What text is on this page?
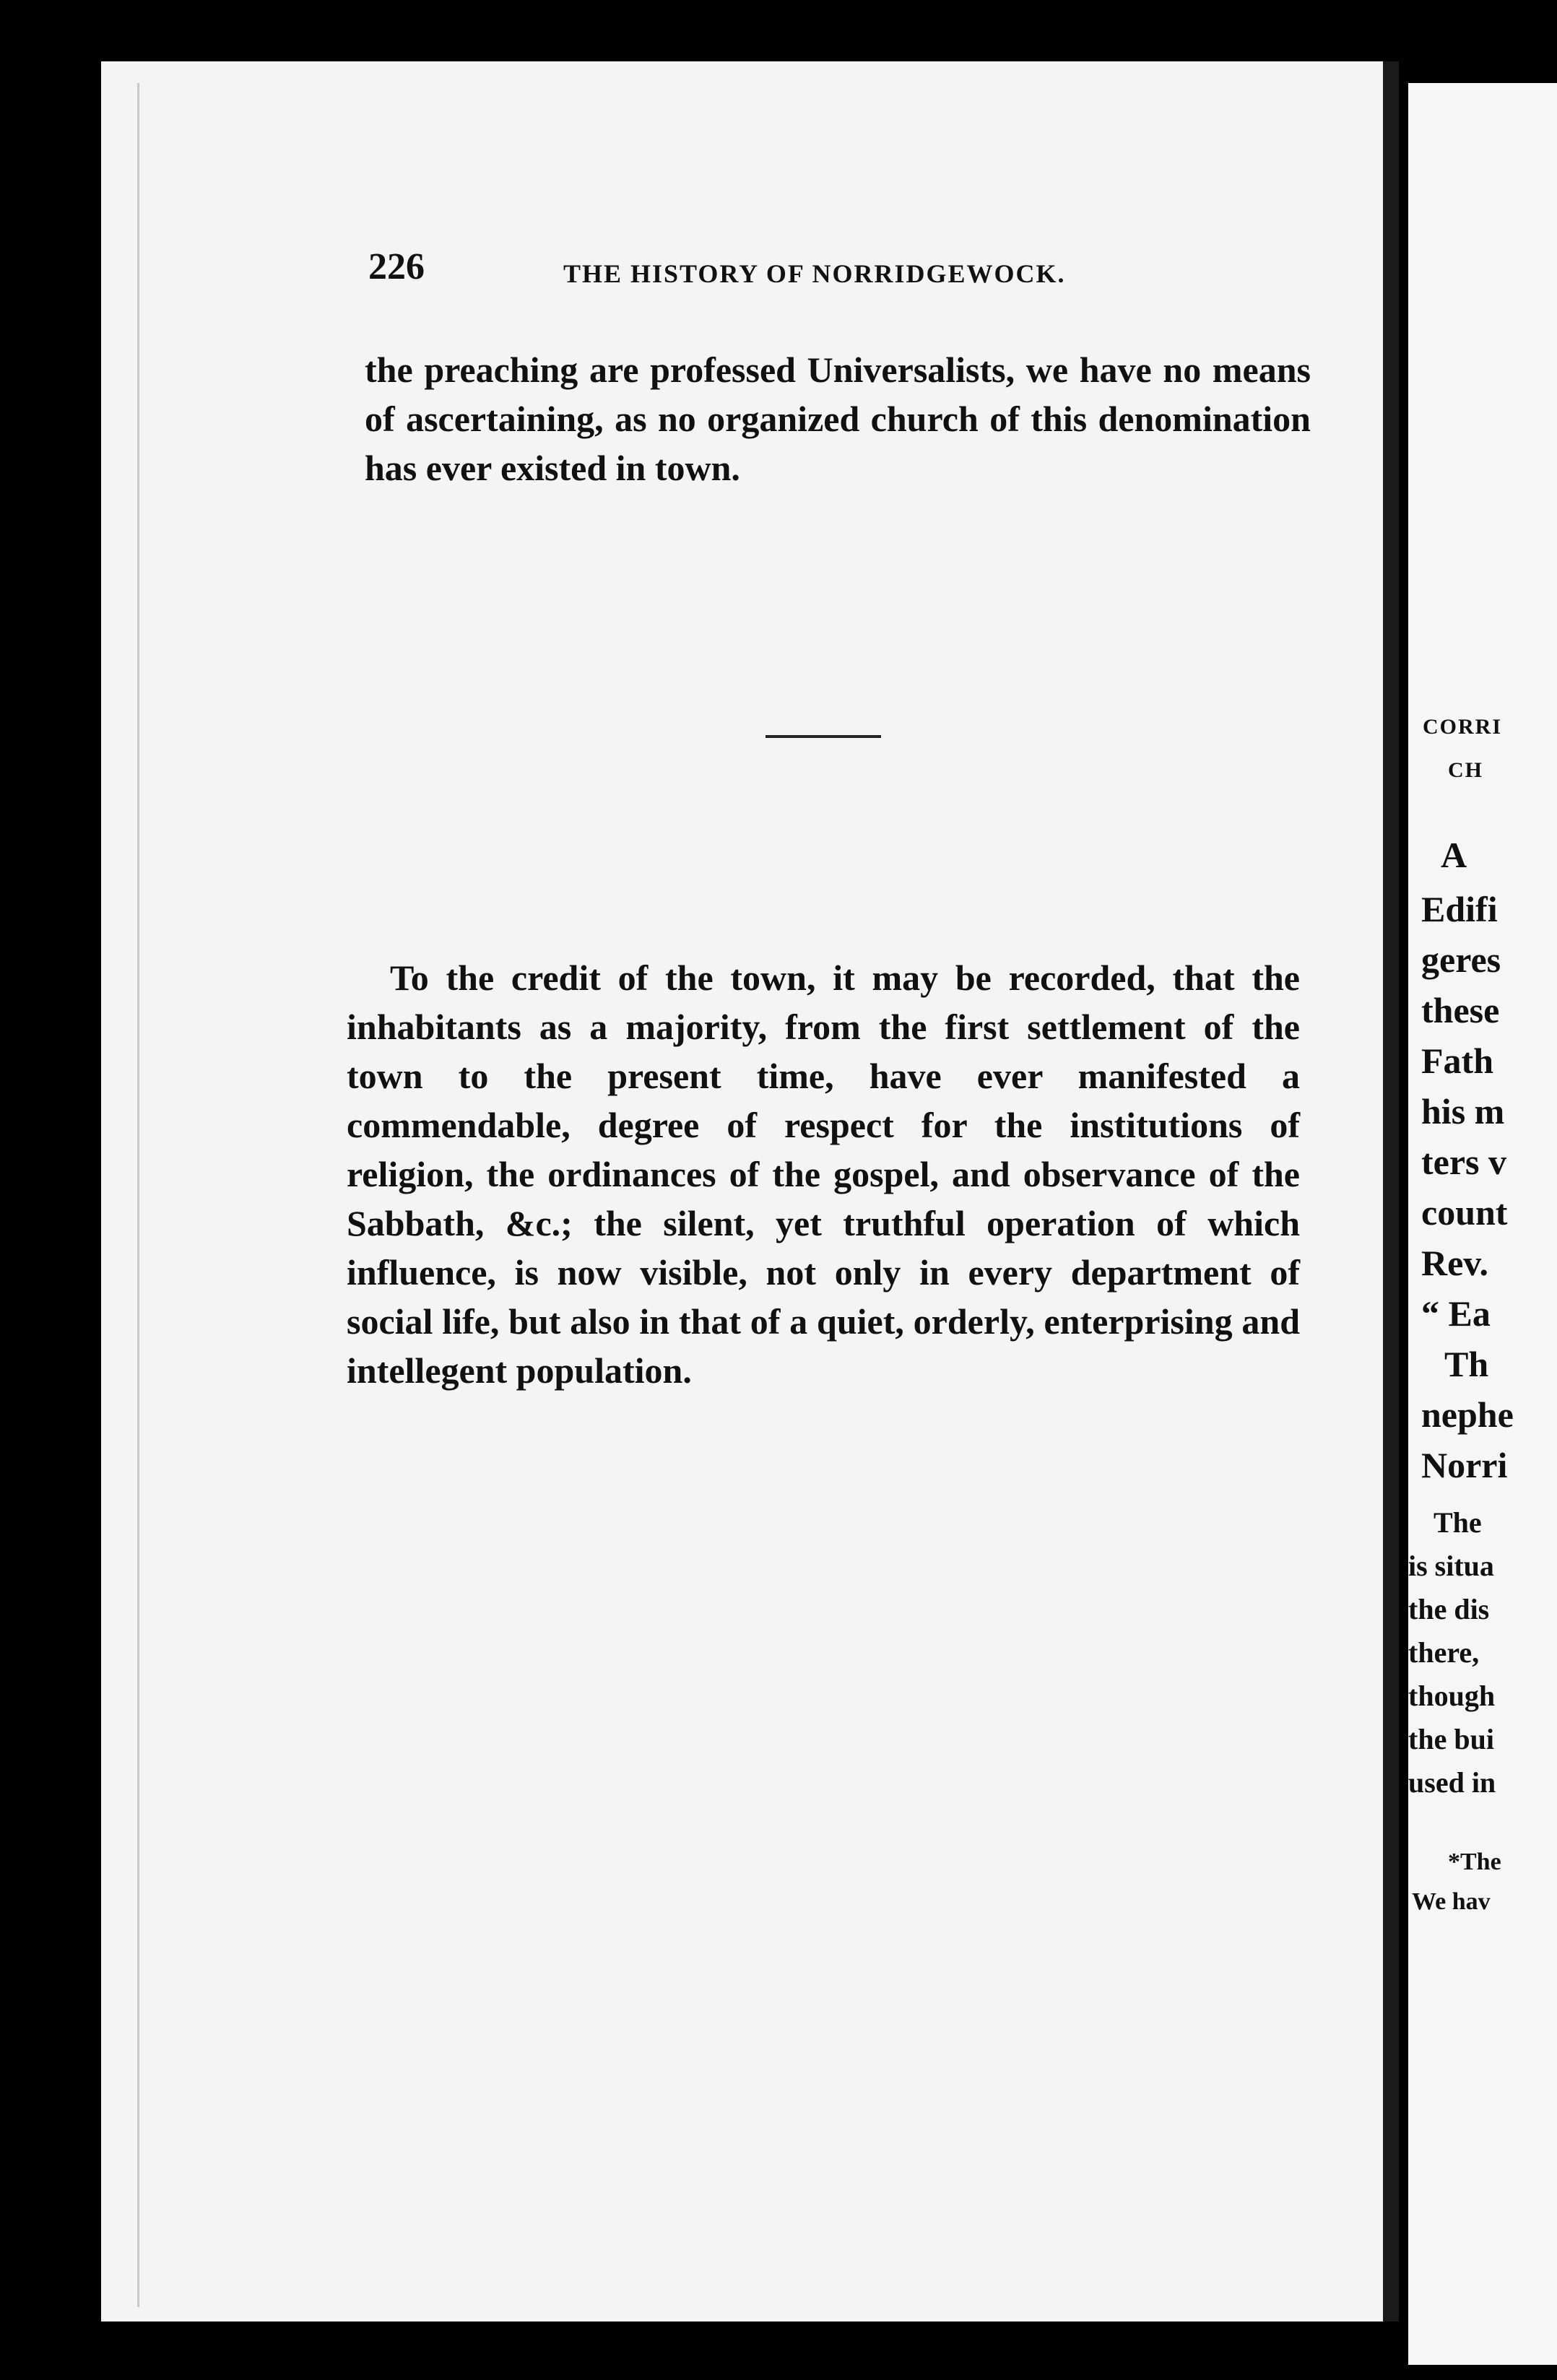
226	THE HISTORY OF NORRIDGEWOCK.
the preaching are professed Universalists, we have no means of ascertaining, as no organized church of this denomination has ever existed in town.
To the credit of the town, it may be recorded, that the inhabitants as a majority, from the first settlement of the town to the present time, have ever manifested a commendable, degree of respect for the institutions of religion, the ordinances of the gospel, and observance of the Sabbath, &c.; the silent, yet truthful operation of which influence, is now visible, not only in every department of social life, but also in that of a quiet, orderly, enterprising and intellegent population.
CORRI
CH
A
Edifi
geres
these
Fath
his m
ters v
count
Rev.
“ Ea
Th
nephe
Norri
The
is situa
the dis
there,
though
the bui
used in
*The
We hav
